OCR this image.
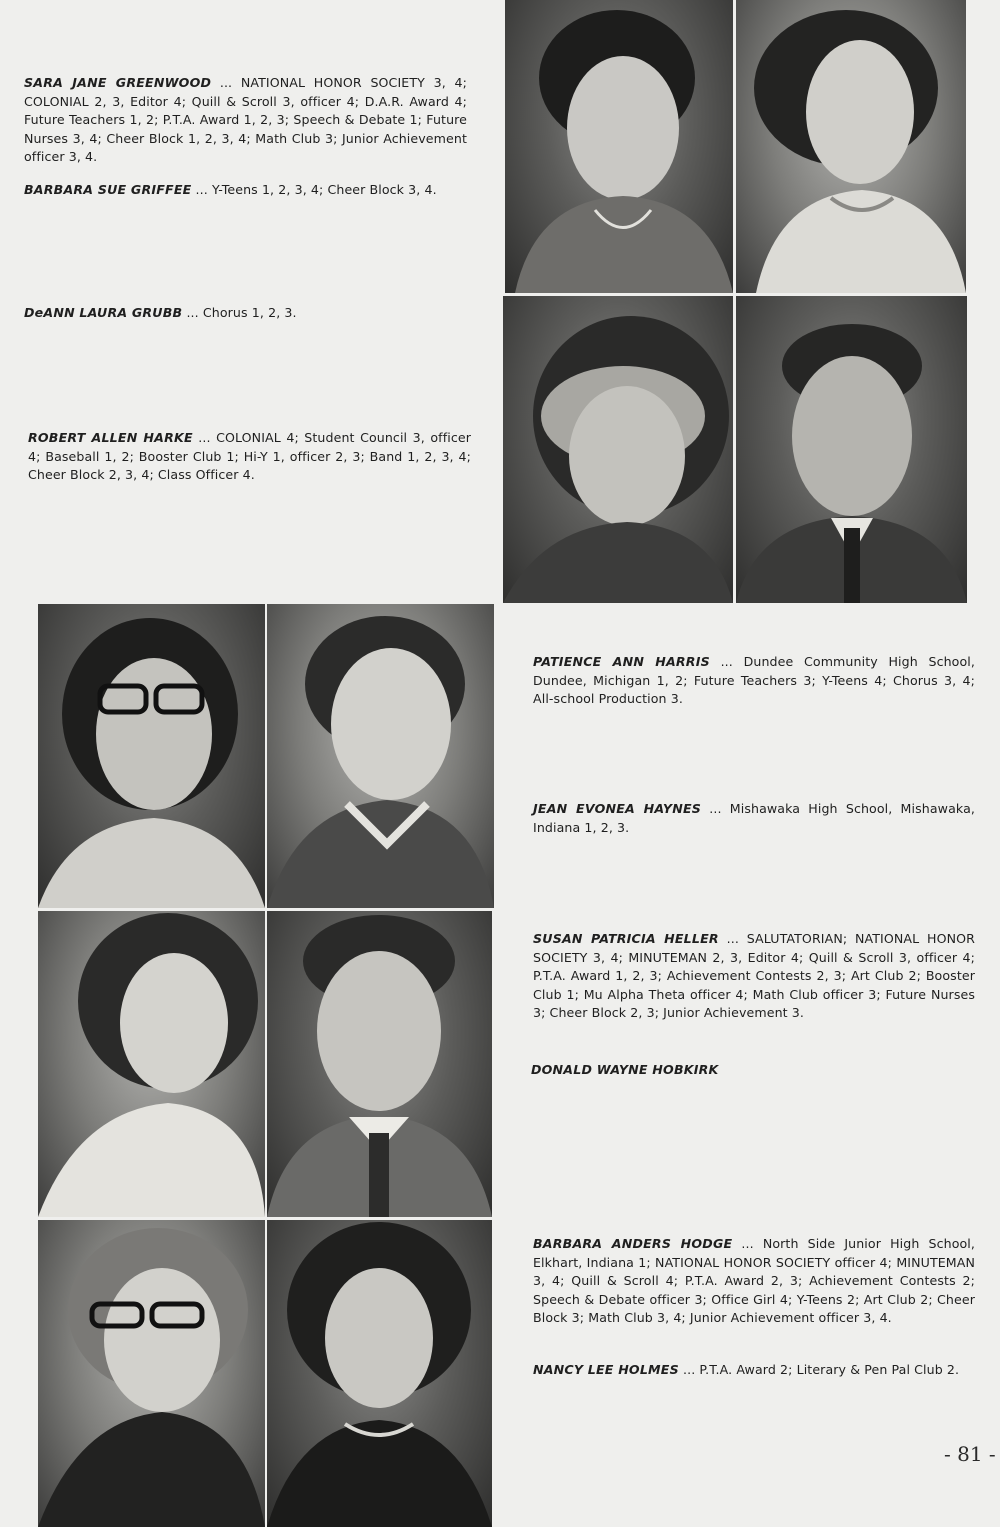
SARA JANE GREENWOOD ... NATIONAL HONOR SOCIETY 3, 4; COLONIAL 2, 3, Editor 4; Quill & Scroll 3, officer 4; D.A.R. Award 4; Future Teachers 1, 2; P.T.A. Award 1, 2, 3; Speech & Debate 1; Future Nurses 3, 4; Cheer Block 1, 2, 3, 4; Math Club 3; Junior Achievement officer 3, 4.
BARBARA SUE GRIFFEE ... Y-Teens 1, 2, 3, 4; Cheer Block 3, 4.
DeANN LAURA GRUBB ... Chorus 1, 2, 3.
ROBERT ALLEN HARKE ... COLONIAL 4; Student Council 3, officer 4; Baseball 1, 2; Booster Club 1; Hi-Y 1, officer 2, 3; Band 1, 2, 3, 4; Cheer Block 2, 3, 4; Class Officer 4.
PATIENCE ANN HARRIS ... Dundee Community High School, Dundee, Michigan 1, 2; Future Teachers 3; Y-Teens 4; Chorus 3, 4; All-school Production 3.
JEAN EVONEA HAYNES ... Mishawaka High School, Mishawaka, Indiana 1, 2, 3.
SUSAN PATRICIA HELLER ... SALUTATORIAN; NATIONAL HONOR SOCIETY 3, 4; MINUTEMAN 2, 3, Editor 4; Quill & Scroll 3, officer 4; P.T.A. Award 1, 2, 3; Achievement Contests 2, 3; Art Club 2; Booster Club 1; Mu Alpha Theta officer 4; Math Club officer 3; Future Nurses 3; Cheer Block 2, 3; Junior Achievement 3.
DONALD WAYNE HOBKIRK
BARBARA ANDERS HODGE ... North Side Junior High School, Elkhart, Indiana 1; NATIONAL HONOR SOCIETY officer 4; MINUTEMAN 3, 4; Quill & Scroll 4; P.T.A. Award 2, 3; Achievement Contests 2; Speech & Debate officer 3; Office Girl 4; Y-Teens 2; Art Club 2; Cheer Block 3; Math Club 3, 4; Junior Achievement officer 3, 4.
NANCY LEE HOLMES ... P.T.A. Award 2; Literary & Pen Pal Club 2.
- 81 -
